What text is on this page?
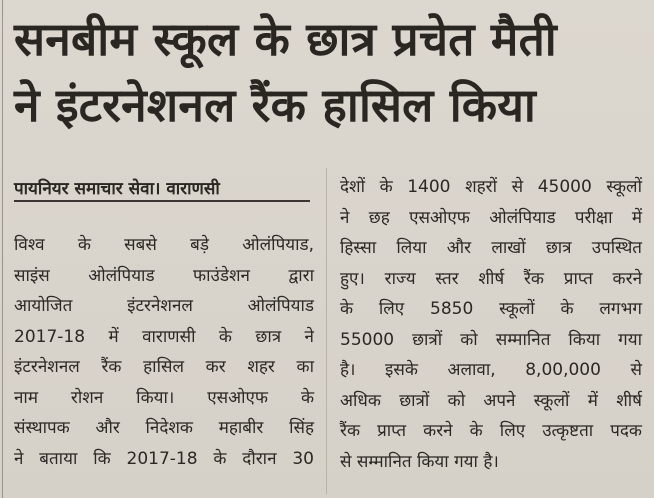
सनबीम स्कूल के छात्र प्रचेत मैती
ने इंटरनेशनल रैंक हासिल किया
पायनियर समाचार सेवा। वाराणसी
विश्व के सबसे बड़े ओलंपियाड,
साइंस ओलंपियाड फाउंडेशन द्वारा
आयोजित इंटरनेशनल ओलंपियाड
2017-18 में वाराणसी के छात्र ने
इंटरनेशनल रैंक हासिल कर शहर का
नाम रोशन किया। एसओएफ के
संस्थापक और निदेशक महाबीर सिंह
ने बताया कि 2017-18 के दौरान 30
देशों के 1400 शहरों से 45000 स्कूलों
ने छह एसओएफ ओलंपियाड परीक्षा में
हिस्सा लिया और लाखों छात्र उपस्थित
हुए। राज्य स्तर शीर्ष रैंक प्राप्त करने
के लिए 5850 स्कूलों के लगभग
55000 छात्रों को सम्मानित किया गया
है। इसके अलावा, 8,00,000 से
अधिक छात्रों को अपने स्कूलों में शीर्ष
रैंक प्राप्त करने के लिए उत्कृष्टता पदक
से सम्मानित किया गया है।
